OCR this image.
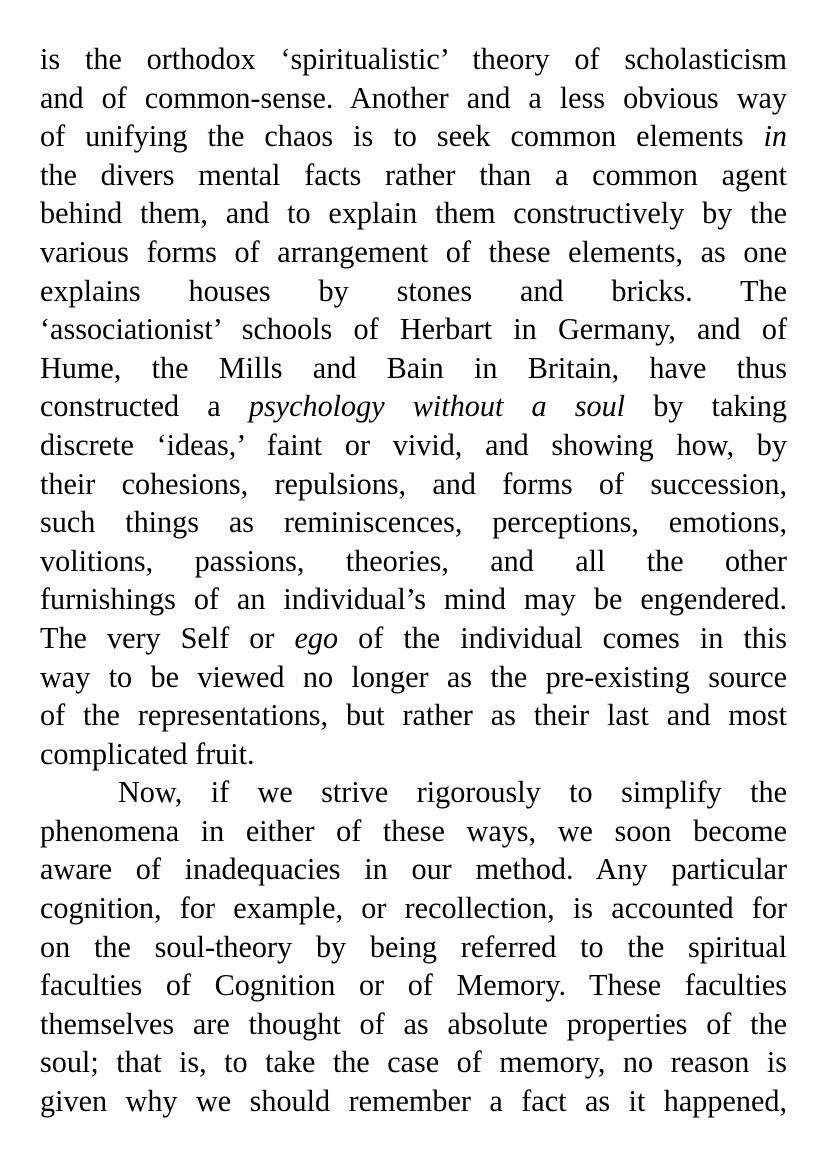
is the orthodox ‘spiritualistic’ theory of scholasticism
and of common-sense. Another and a less obvious way
of unifying the chaos is to seek common elements in
the divers mental facts rather than a common agent
behind them, and to explain them constructively by the
various forms of arrangement of these elements, as one
explains houses by stones and bricks. The
‘associationist’ schools of Herbart in Germany, and of
Hume, the Mills and Bain in Britain, have thus
constructed a psychology without a soul by taking
discrete ‘ideas,’ faint or vivid, and showing how, by
their cohesions, repulsions, and forms of succession,
such things as reminiscences, perceptions, emotions,
volitions, passions, theories, and all the other
furnishings of an individual’s mind may be engendered.
The very Self or ego of the individual comes in this
way to be viewed no longer as the pre-existing source
of the representations, but rather as their last and most
complicated fruit.
Now, if we strive rigorously to simplify the
phenomena in either of these ways, we soon become
aware of inadequacies in our method. Any particular
cognition, for example, or recollection, is accounted for
on the soul-theory by being referred to the spiritual
faculties of Cognition or of Memory. These faculties
themselves are thought of as absolute properties of the
soul; that is, to take the case of memory, no reason is
given why we should remember a fact as it happened,
